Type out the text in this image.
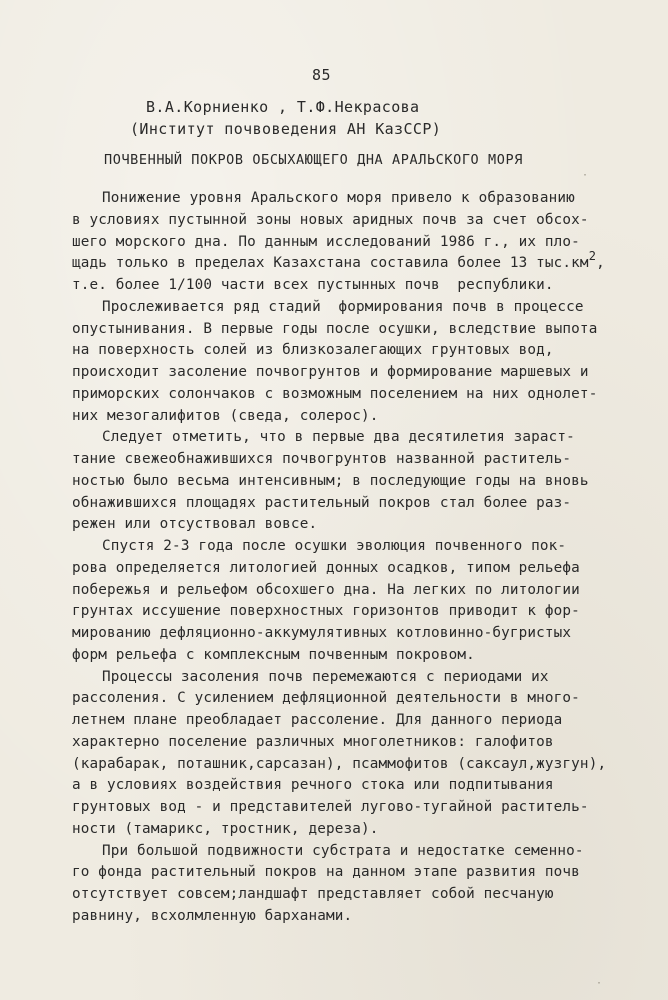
85
В.А.Корниенко , Т.Ф.Некрасова
(Институт почвоведения АН КазССР)
ПОЧВЕННЫЙ ПОКРОВ ОБСЫХАЮЩЕГО ДНА АРАЛЬСКОГО МОРЯ
Понижение уровня Аральского моря привело к образованию
в условиях пустынной зоны новых аридных почв за счет обсох-
шего морского дна. По данным исследований 1986 г., их пло-
щадь только в пределах Казахстана составила более 13 $тыс.км^2$,
т.е. более 1/100 части всех пустынных почв  республики.
Прослеживается ряд стадий  формирования почв в процессе
опустынивания. В первые годы после осушки, вследствие выпота
на поверхность солей из близкозалегающих грунтовых вод,
происходит засоление почвогрунтов и формирование маршевых и
приморских солончаков с возможным поселением на них однолет-
них мезогалифитов (сведа, солерос).
Следует отметить, что в первые два десятилетия зараст-
тание свежеобнажившихся почвогрунтов названной раститель-
ностью было весьма интенсивным; в последующие годы на вновь
обнажившихся площадях растительный покров стал более раз-
режен или отсуствовал вовсе.
Спустя 2-3 года после осушки эволюция почвенного пок-
рова определяется литологией донных осадков, типом рельефа
побережья и рельефом обсохшего дна. На легких по литологии
грунтах иссушение поверхностных горизонтов приводит к фор-
мированию дефляционно-аккумулятивных котловинно-бугристых
форм рельефа с комплексным почвенным покровом.
Процессы засоления почв перемежаются с периодами их
рассоления. С усилением дефляционной деятельности в много-
летнем плане преобладает рассоление. Для данного периода
характерно поселение различных многолетников: галофитов
(карабарак, поташник,сарсазан), псаммофитов (саксаул,жузгун),
а в условиях воздействия речного стока или подпитывания
грунтовых вод - и представителей лугово-тугайной раститель-
ности (тамарикс, тростник, дереза).
При большой подвижности субстрата и недостатке семенно-
го фонда растительный покров на данном этапе развития почв
отсутствует совсем;ландшафт представляет собой песчаную
равнину, всхолмленную барханами.
·
·
